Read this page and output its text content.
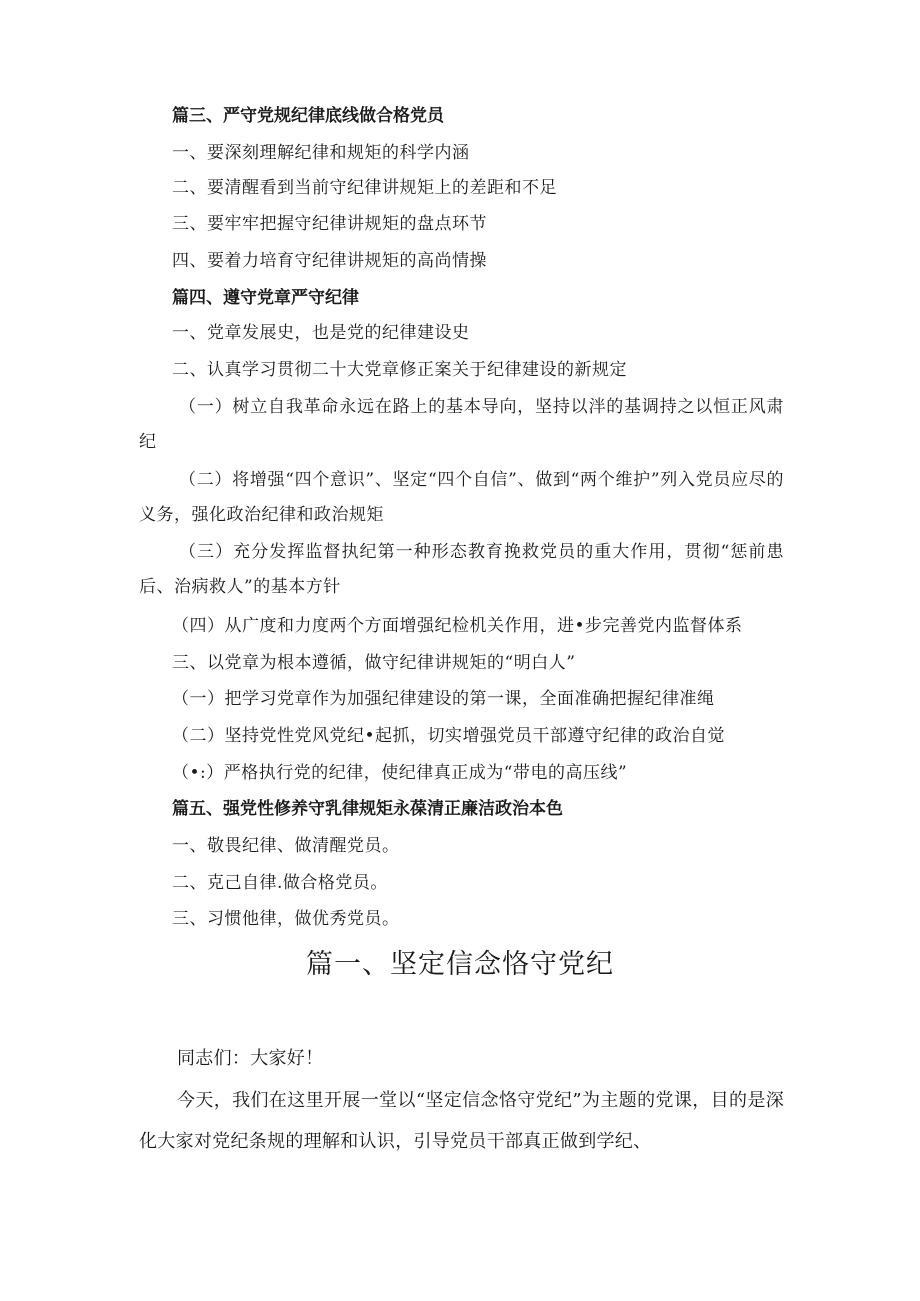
篇三、严守党规纪律底线做合格党员
一、要深刻理解纪律和规矩的科学内涵
二、要清醒看到当前守纪律讲规矩上的差距和不足
三、要牢牢把握守纪律讲规矩的盘点环节
四、要着力培育守纪律讲规矩的高尚情操
篇四、遵守党章严守纪律
一、党章发展史，也是党的纪律建设史
二、认真学习贯彻二十大党章修正案关于纪律建设的新规定
（一）树立自我革命永远在路上的基本导向，坚持以泮的基调持之以恒正风肃纪
（二）将增强“四个意识”、坚定“四个自信”、做到“两个维护”列入党员应尽的义务，强化政治纪律和政治规矩
（三）充分发挥监督执纪第一种形态教育挽救党员的重大作用，贯彻“惩前患后、治病救人”的基本方针
（四）从广度和力度两个方面增强纪检机关作用，进•步完善党内监督体系
三、以党章为根本遵循，做守纪律讲规矩的“明白人”
（一）把学习党章作为加强纪律建设的第一课，全面准确把握纪律准绳
（二）坚持党性党风党纪•起抓，切实增强党员干部遵守纪律的政治自觉
（•:）严格执行党的纪律，使纪律真正成为“带电的高压线”
篇五、强党性修养守乳律规矩永葆清正廉洁政治本色
一、敬畏纪律、做清醒党员。
二、克己自律.做合格党员。
三、习惯他律，做优秀党员。
篇一、坚定信念恪守党纪
同志们：大家好！
今天，我们在这里开展一堂以“坚定信念恪守党纪”为主题的党课，目的是深化大家对党纪条规的理解和认识，引导党员干部真正做到学纪、
